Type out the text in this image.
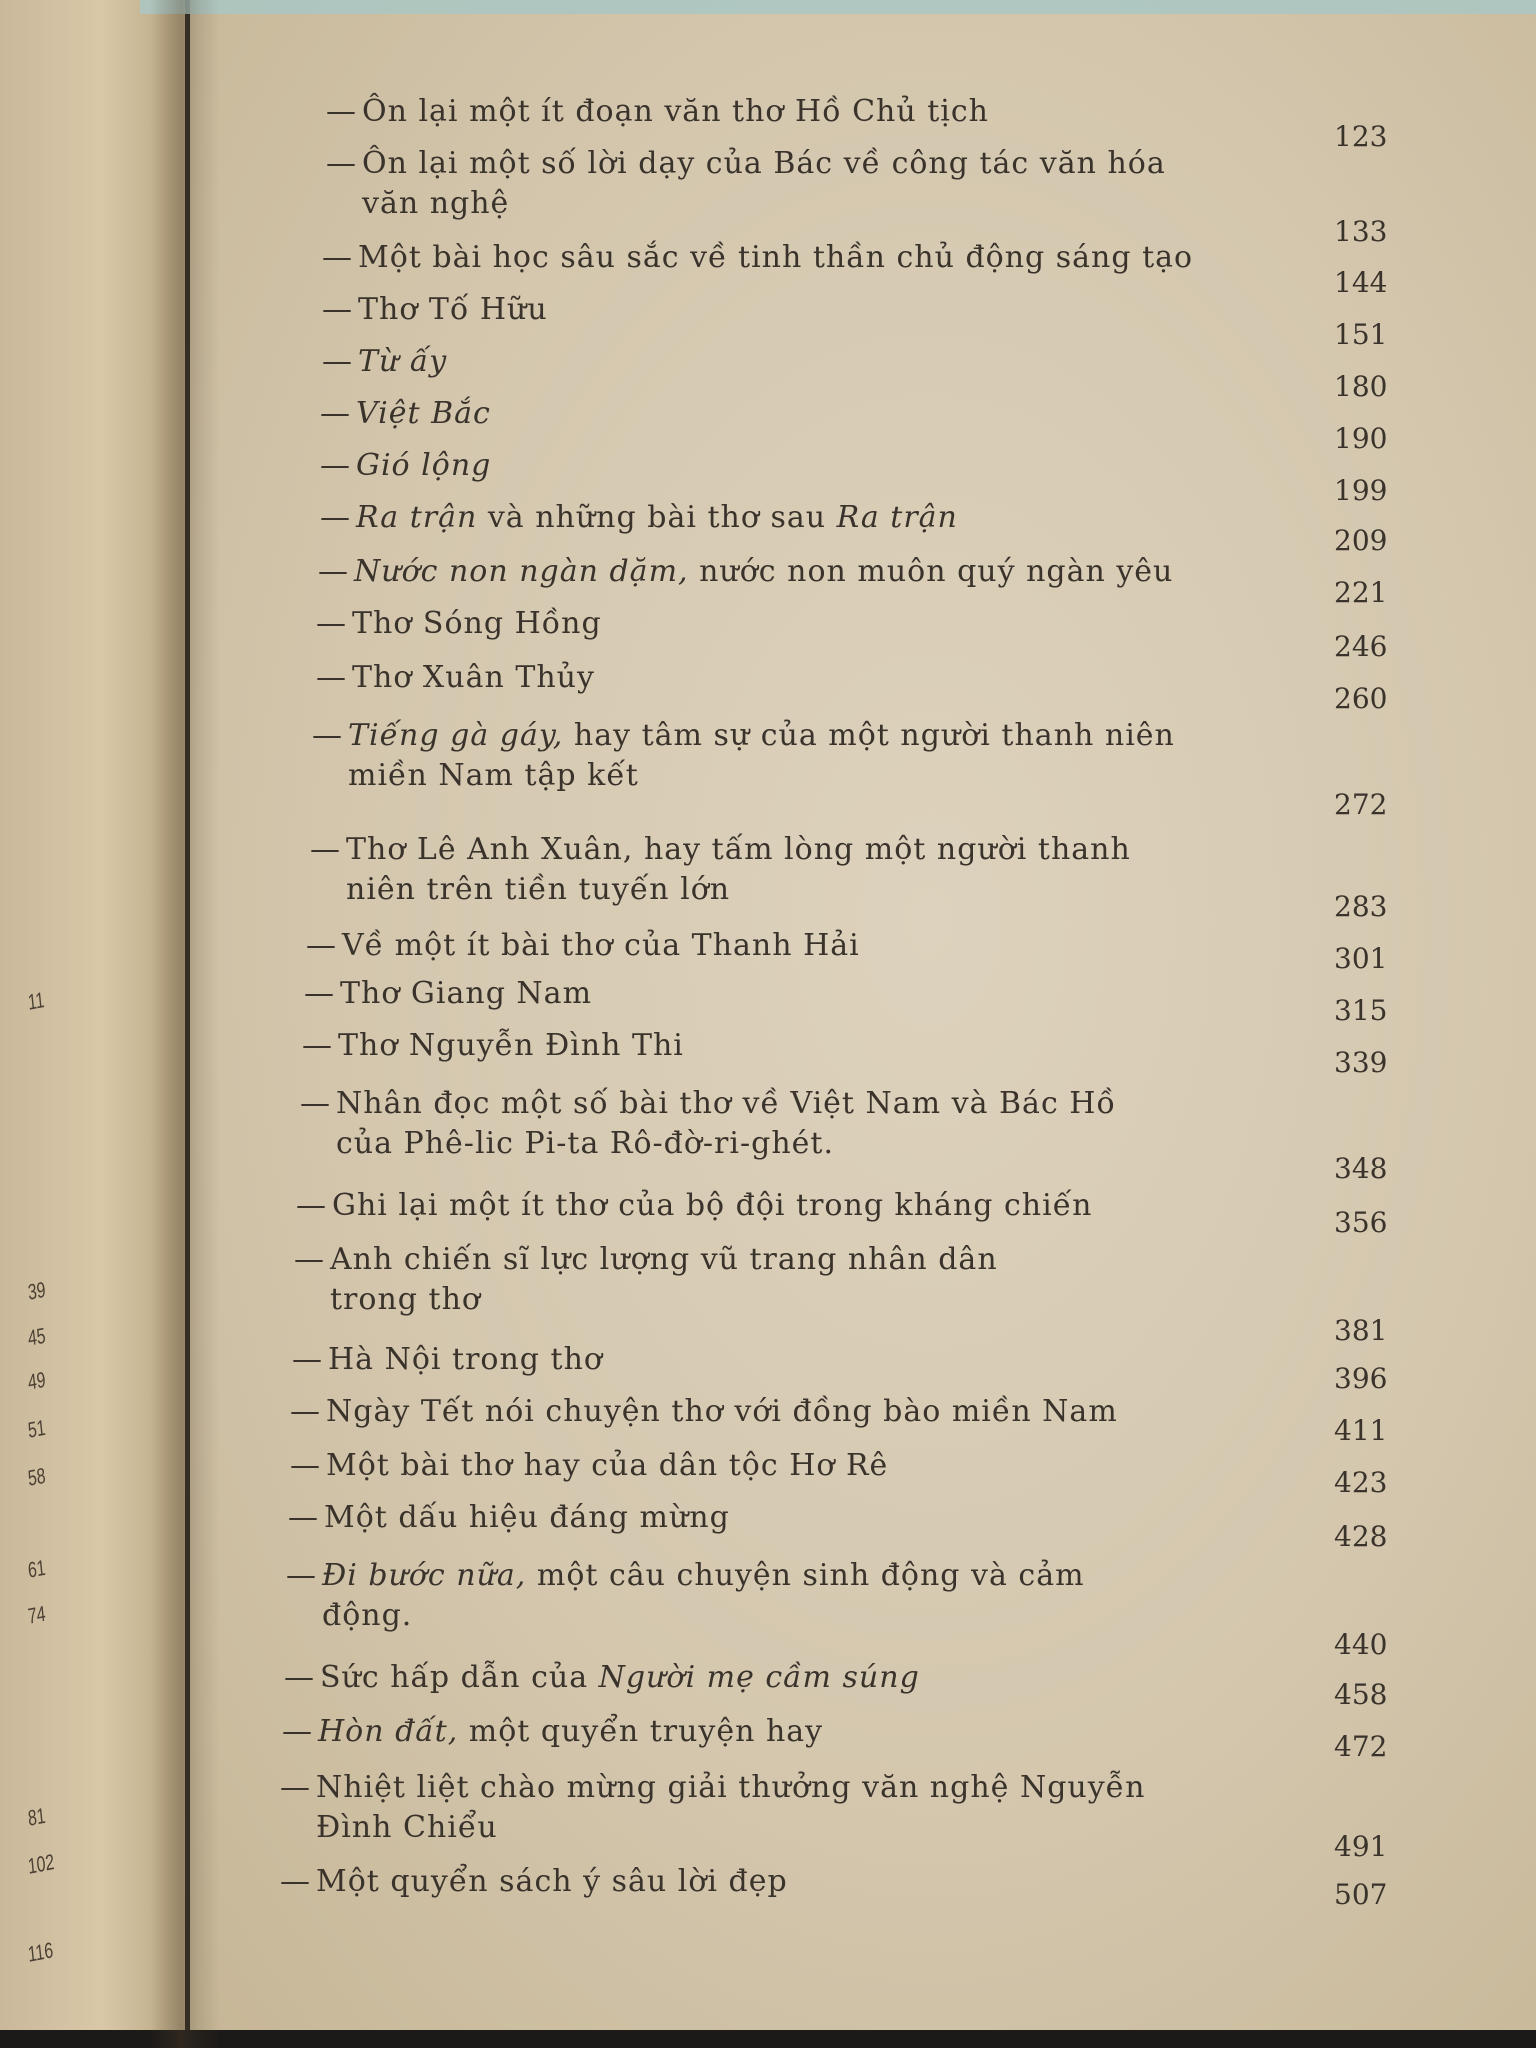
11
39
45
49
51
58
61
74
81
102
116
— Ôn lại một ít đoạn văn thơ Hồ Chủ tịch
123
— Ôn lại một số lời dạy của Bác về công tác văn hóa
văn nghệ
133
— Một bài học sâu sắc về tinh thần chủ động sáng tạo
144
— Thơ Tố Hữu
151
— Từ ấy
180
— Việt Bắc
190
— Gió lộng
199
— Ra trận và những bài thơ sau Ra trận
209
— Nước non ngàn dặm, nước non muôn quý ngàn yêu
221
— Thơ Sóng Hồng
246
— Thơ Xuân Thủy
260
— Tiếng gà gáy, hay tâm sự của một người thanh niên
miền Nam tập kết
272
— Thơ Lê Anh Xuân, hay tấm lòng một người thanh
niên trên tiền tuyến lớn	283
— Về một ít bài thơ của Thanh Hải	301
— Thơ Giang Nam	315
— Thơ Nguyễn Đình Thi	339
— Nhân đọc một số bài thơ về Việt Nam và Bác Hồ
của Phê-lic Pi-ta Rô-đờ-ri-ghét.
348
— Ghi lại một ít thơ của bộ đội trong kháng chiến	356
— Anh chiến sĩ lực lượng vũ trang nhân dân
trong thơ
381
— Hà Nội trong thơ
396
— Ngày Tết nói chuyện thơ với đồng bào miền Nam
411
— Một bài thơ hay của dân tộc Hơ Rê	423
— Một dấu hiệu đáng mừng
428
— Đi bước nữa, một câu chuyện sinh động và cảm
động.
440
— Sức hấp dẫn của Người mẹ cầm súng	458
— Hòn đất, một quyển truyện hay	472
— Nhiệt liệt chào mừng giải thưởng văn nghệ Nguyễn
Đình Chiểu
491
— Một quyển sách ý sâu lời đẹp	507
